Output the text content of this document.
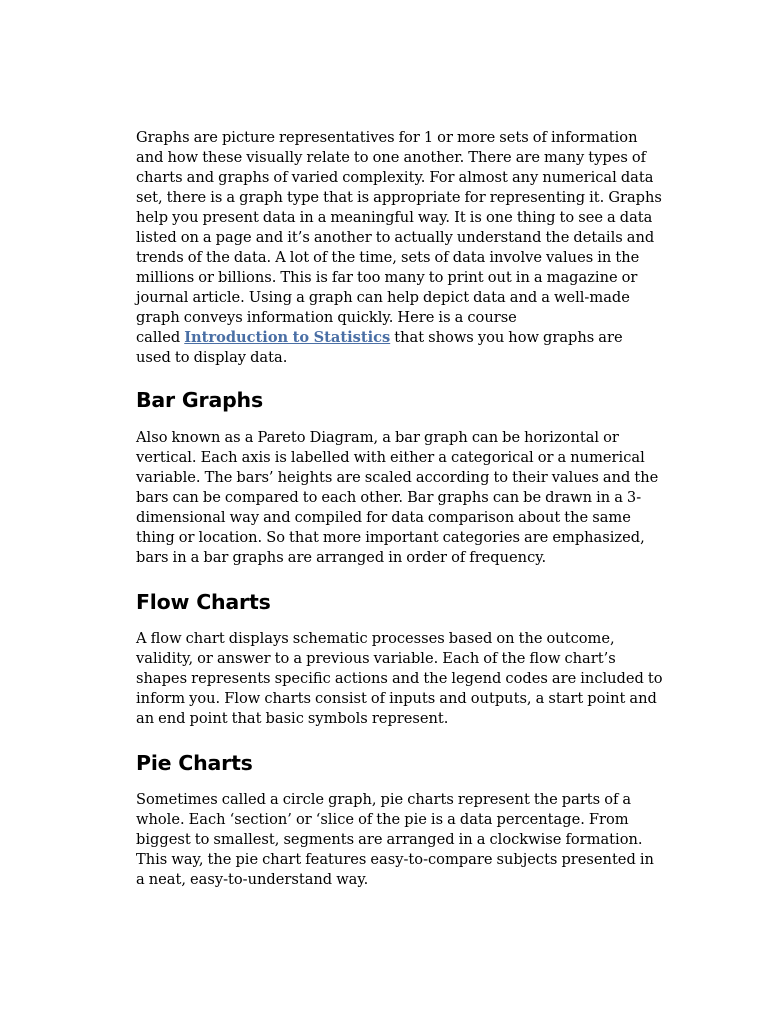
Graphs are picture representatives for 1 or more sets of information
and how these visually relate to one another. There are many types of
charts and graphs of varied complexity. For almost any numerical data
set, there is a graph type that is appropriate for representing it. Graphs
help you present data in a meaningful way. It is one thing to see a data
listed on a page and it’s another to actually understand the details and
trends of the data. A lot of the time, sets of data involve values in the
millions or billions. This is far too many to print out in a magazine or
journal article. Using a graph can help depict data and a well-made
graph conveys information quickly. Here is a course
called Introduction to Statistics that shows you how graphs are
used to display data.

Bar Graphs

Also known as a Pareto Diagram, a bar graph can be horizontal or
vertical. Each axis is labelled with either a categorical or a numerical
variable. The bars’ heights are scaled according to their values and the
bars can be compared to each other. Bar graphs can be drawn in a 3-
dimensional way and compiled for data comparison about the same
thing or location. So that more important categories are emphasized,
bars in a bar graphs are arranged in order of frequency.

Flow Charts

A flow chart displays schematic processes based on the outcome,
validity, or answer to a previous variable. Each of the flow chart’s
shapes represents specific actions and the legend codes are included to
inform you. Flow charts consist of inputs and outputs, a start point and
an end point that basic symbols represent.

Pie Charts

Sometimes called a circle graph, pie charts represent the parts of a
whole. Each ‘section’ or ‘slice of the pie is a data percentage. From
biggest to smallest, segments are arranged in a clockwise formation.
This way, the pie chart features easy-to-compare subjects presented in
a neat, easy-to-understand way.
